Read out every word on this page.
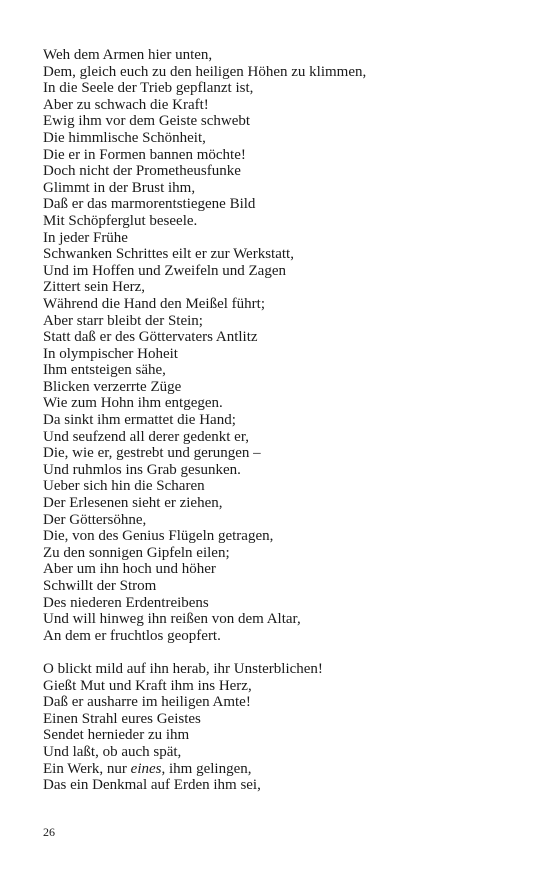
Weh dem Armen hier unten,
Dem, gleich euch zu den heiligen Höhen zu klimmen,
In die Seele der Trieb gepflanzt ist,
Aber zu schwach die Kraft!
Ewig ihm vor dem Geiste schwebt
Die himmlische Schönheit,
Die er in Formen bannen möchte!
Doch nicht der Prometheusfunke
Glimmt in der Brust ihm,
Daß er das marmorentstiegene Bild
Mit Schöpferglut beseele.
In jeder Frühe
Schwanken Schrittes eilt er zur Werkstatt,
Und im Hoffen und Zweifeln und Zagen
Zittert sein Herz,
Während die Hand den Meißel führt;
Aber starr bleibt der Stein;
Statt daß er des Göttervaters Antlitz
In olympischer Hoheit
Ihm entsteigen sähe,
Blicken verzerrte Züge
Wie zum Hohn ihm entgegen.
Da sinkt ihm ermattet die Hand;
Und seufzend all derer gedenkt er,
Die, wie er, gestrebt und gerungen –
Und ruhmlos ins Grab gesunken.
Ueber sich hin die Scharen
Der Erlesenen sieht er ziehen,
Der Göttersöhne,
Die, von des Genius Flügeln getragen,
Zu den sonnigen Gipfeln eilen;
Aber um ihn hoch und höher
Schwillt der Strom
Des niederen Erdentreibens
Und will hinweg ihn reißen von dem Altar,
An dem er fruchtlos geopfert.
O blickt mild auf ihn herab, ihr Unsterblichen!
Gießt Mut und Kraft ihm ins Herz,
Daß er ausharre im heiligen Amte!
Einen Strahl eures Geistes
Sendet hernieder zu ihm
Und laßt, ob auch spät,
Ein Werk, nur eines, ihm gelingen,
Das ein Denkmal auf Erden ihm sei,
26
